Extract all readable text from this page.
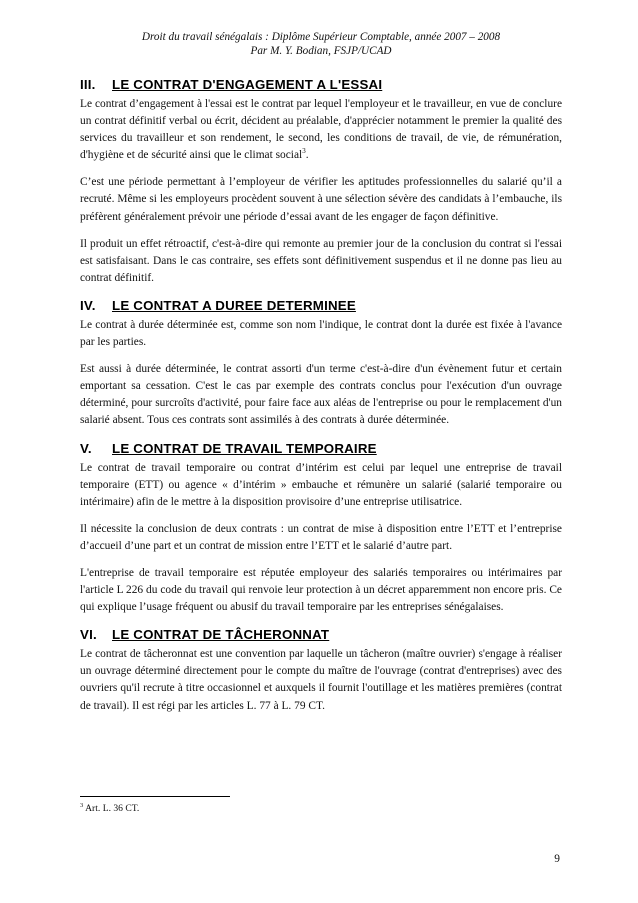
Droit du travail sénégalais : Diplôme Supérieur Comptable, année 2007 – 2008
Par M. Y. Bodian, FSJP/UCAD
III. LE CONTRAT D'ENGAGEMENT A L'ESSAI

Le contrat d’engagement à l'essai est le contrat par lequel l'employeur et le travailleur, en vue de conclure un contrat définitif verbal ou écrit, décident au préalable, d'apprécier notamment le premier la qualité des services du travailleur et son rendement, le second, les conditions de travail, de vie, de rémunération, d'hygiène et de sécurité ainsi que le climat social$^3$.

C’est une période permettant à l’employeur de vérifier les aptitudes professionnelles du salarié qu’il a recruté. Même si les employeurs procèdent souvent à une sélection sévère des candidats à l’embauche, ils préfèrent généralement prévoir une période d’essai avant de les engager de façon définitive.

Il produit un effet rétroactif, c'est-à-dire qui remonte au premier jour de la conclusion du contrat si l'essai est satisfaisant. Dans le cas contraire, ses effets sont définitivement suspendus et il ne donne pas lieu au contrat définitif.

IV. LE CONTRAT A DUREE DETERMINEE

Le contrat à durée déterminée est, comme son nom l'indique, le contrat dont la durée est fixée à l'avance par les parties.

Est aussi à durée déterminée, le contrat assorti d'un terme c'est-à-dire d'un évènement futur et certain emportant sa cessation. C'est le cas par exemple des contrats conclus pour l'exécution d'un ouvrage déterminé, pour surcroîts d'activité, pour faire face aux aléas de l'entreprise ou pour le remplacement d'un salarié absent. Tous ces contrats sont assimilés à des contrats à durée déterminée.

V. LE CONTRAT DE TRAVAIL TEMPORAIRE

Le contrat de travail temporaire ou contrat d’intérim est celui par lequel une entreprise de travail temporaire (ETT) ou agence « d’intérim » embauche et rémunère un salarié (salarié temporaire ou intérimaire) afin de le mettre à la disposition provisoire d’une entreprise utilisatrice.

Il nécessite la conclusion de deux contrats : un contrat de mise à disposition entre l’ETT et l’entreprise d’accueil d’une part et un contrat de mission entre l’ETT et le salarié d’autre part.

L'entreprise de travail temporaire est réputée employeur des salariés temporaires ou intérimaires par l'article L 226 du code du travail qui renvoie leur protection à un décret apparemment non encore pris. Ce qui explique l’usage fréquent ou abusif du travail temporaire par les entreprises sénégalaises.

VI. LE CONTRAT DE TÂCHERONNAT

Le contrat de tâcheronnat est une convention par laquelle un tâcheron (maître ouvrier) s'engage à réaliser un ouvrage déterminé directement pour le compte du maître de l'ouvrage (contrat d'entreprises) avec des ouvriers qu'il recrute à titre occasionnel et auxquels il fournit l'outillage et les matières premières (contrat de travail). Il est régi par les articles L. 77 à L. 79 CT.

$^3$ Art. L. 36 CT.
9
